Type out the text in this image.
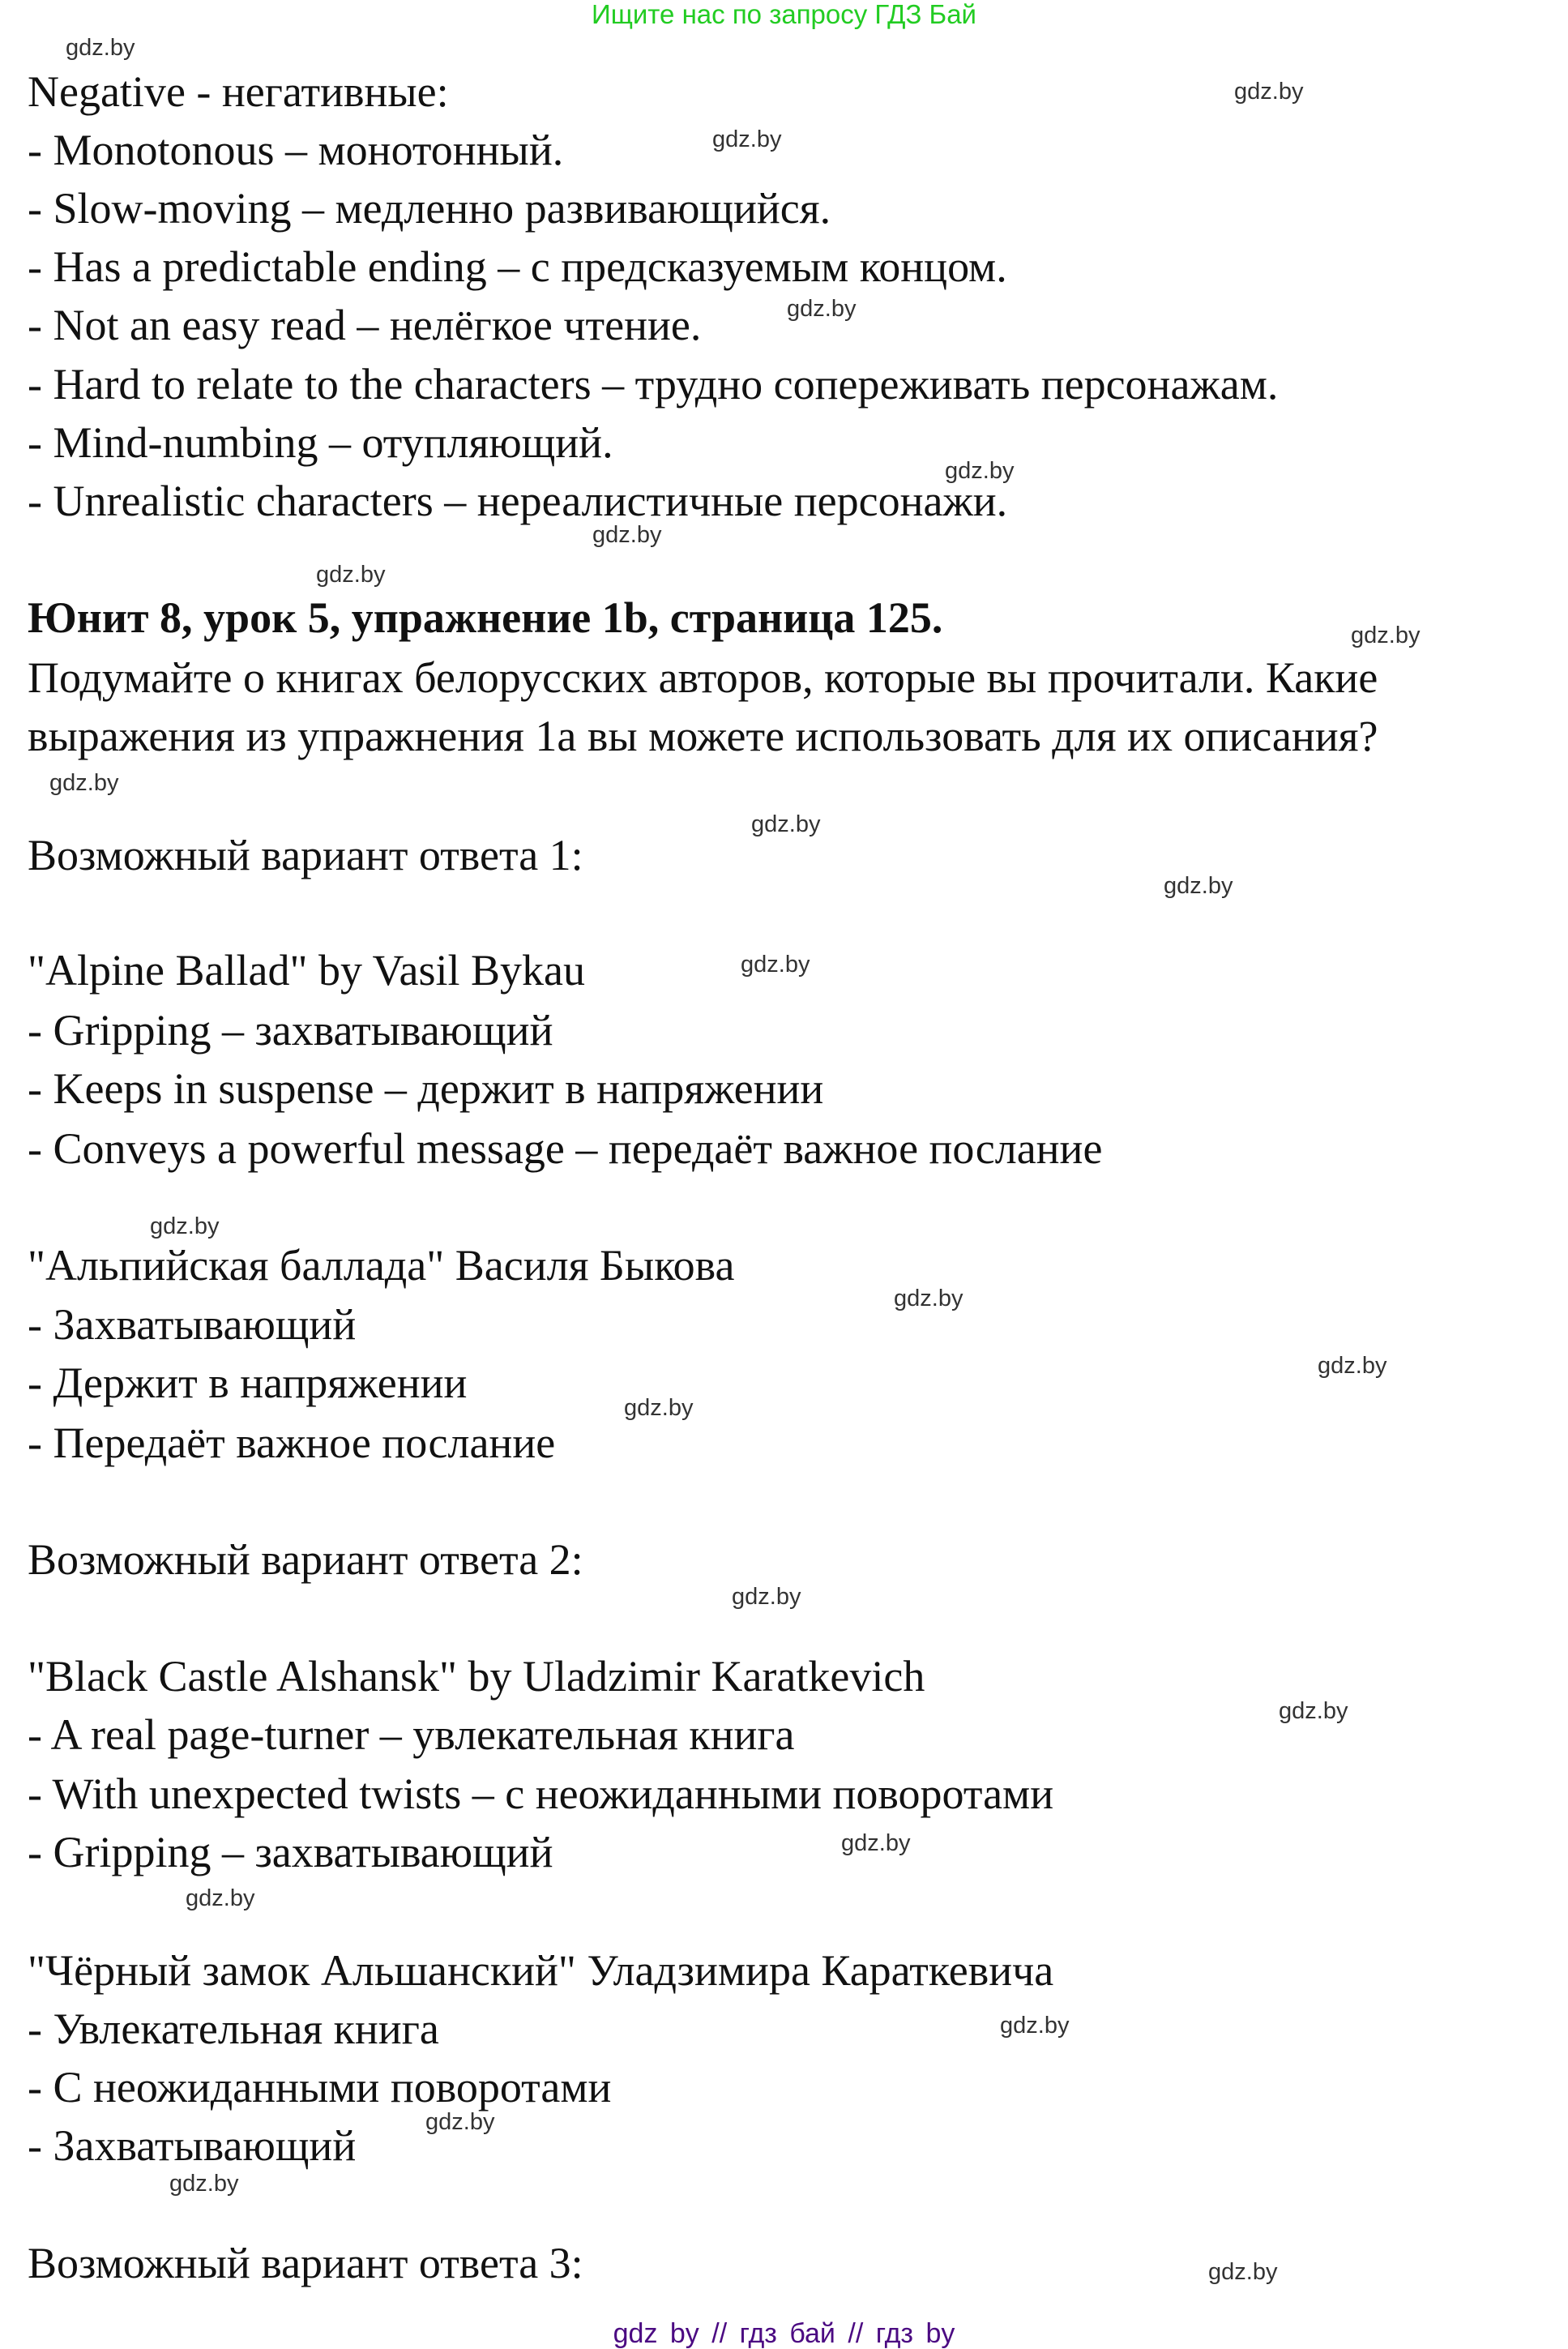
Ищите нас по запросу ГДЗ Бай
Negative - негативные:
- Monotonous – монотонный.
- Slow-moving – медленно развивающийся.
- Has a predictable ending – с предсказуемым концом.
- Not an easy read – нелёгкое чтение.
- Hard to relate to the characters – трудно сопереживать персонажам.
- Mind-numbing – отупляющий.
- Unrealistic characters – нереалистичные персонажи.
Юнит 8, урок 5, упражнение 1b, страница 125.
Подумайте о книгах белорусских авторов, которые вы прочитали. Какие
выражения из упражнения 1a вы можете использовать для их описания?
Возможный вариант ответа 1:
"Alpine Ballad" by Vasil Bykau
- Gripping – захватывающий
- Keeps in suspense – держит в напряжении
- Conveys a powerful message – передаёт важное послание
"Альпийская баллада" Василя Быкова
- Захватывающий
- Держит в напряжении
- Передаёт важное послание
Возможный вариант ответа 2:
"Black Castle Alshansk" by Uladzimir Karatkevich
- A real page-turner – увлекательная книга
- With unexpected twists – с неожиданными поворотами
- Gripping – захватывающий
"Чёрный замок Альшанский" Уладзимира Караткевича
- Увлекательная книга
- С неожиданными поворотами
- Захватывающий
Возможный вариант ответа 3:
gdz.by
gdz.by
gdz.by
gdz.by
gdz.by
gdz.by
gdz.by
gdz.by
gdz.by
gdz.by
gdz.by
gdz.by
gdz.by
gdz.by
gdz.by
gdz.by
gdz.by
gdz.by
gdz.by
gdz.by
gdz.by
gdz.by
gdz.by
gdz.by
gdz by // гдз бай // гдз by
